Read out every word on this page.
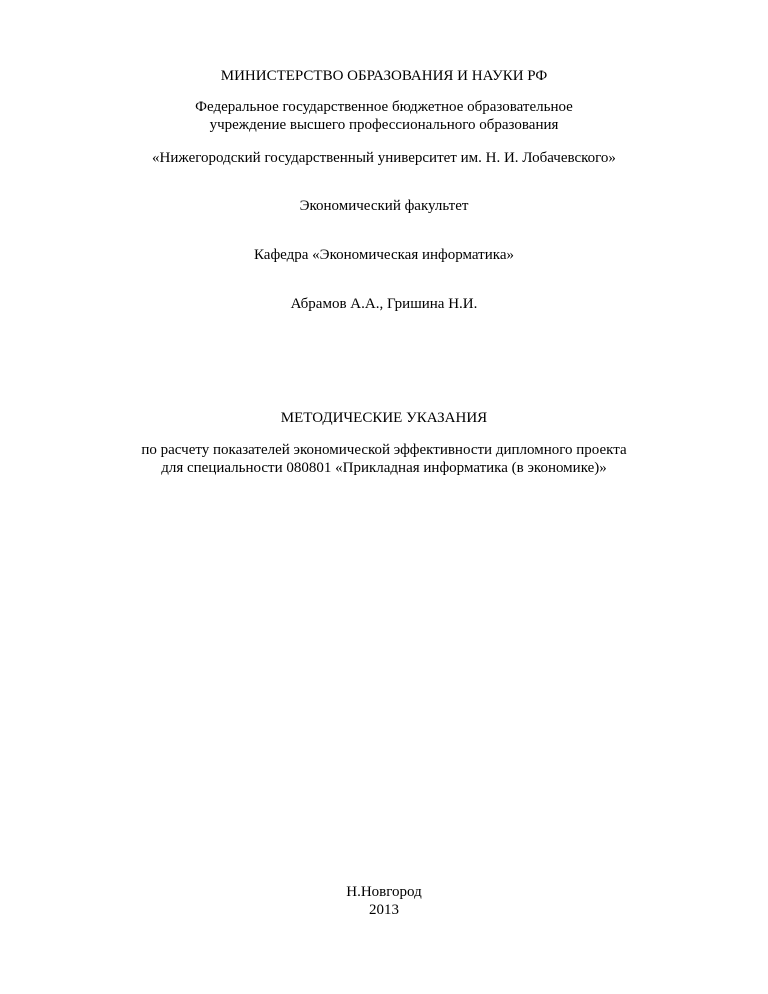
МИНИСТЕРСТВО ОБРАЗОВАНИЯ И НАУКИ РФ
Федеральное государственное бюджетное образовательное
учреждение высшего профессионального образования
«Нижегородский государственный университет им. Н. И. Лобачевского»
Экономический факультет
Кафедра «Экономическая информатика»
Абрамов А.А., Гришина Н.И.
МЕТОДИЧЕСКИЕ УКАЗАНИЯ
по расчету показателей экономической эффективности дипломного проекта
для специальности 080801 «Прикладная информатика (в экономике)»
Н.Новгород
2013
